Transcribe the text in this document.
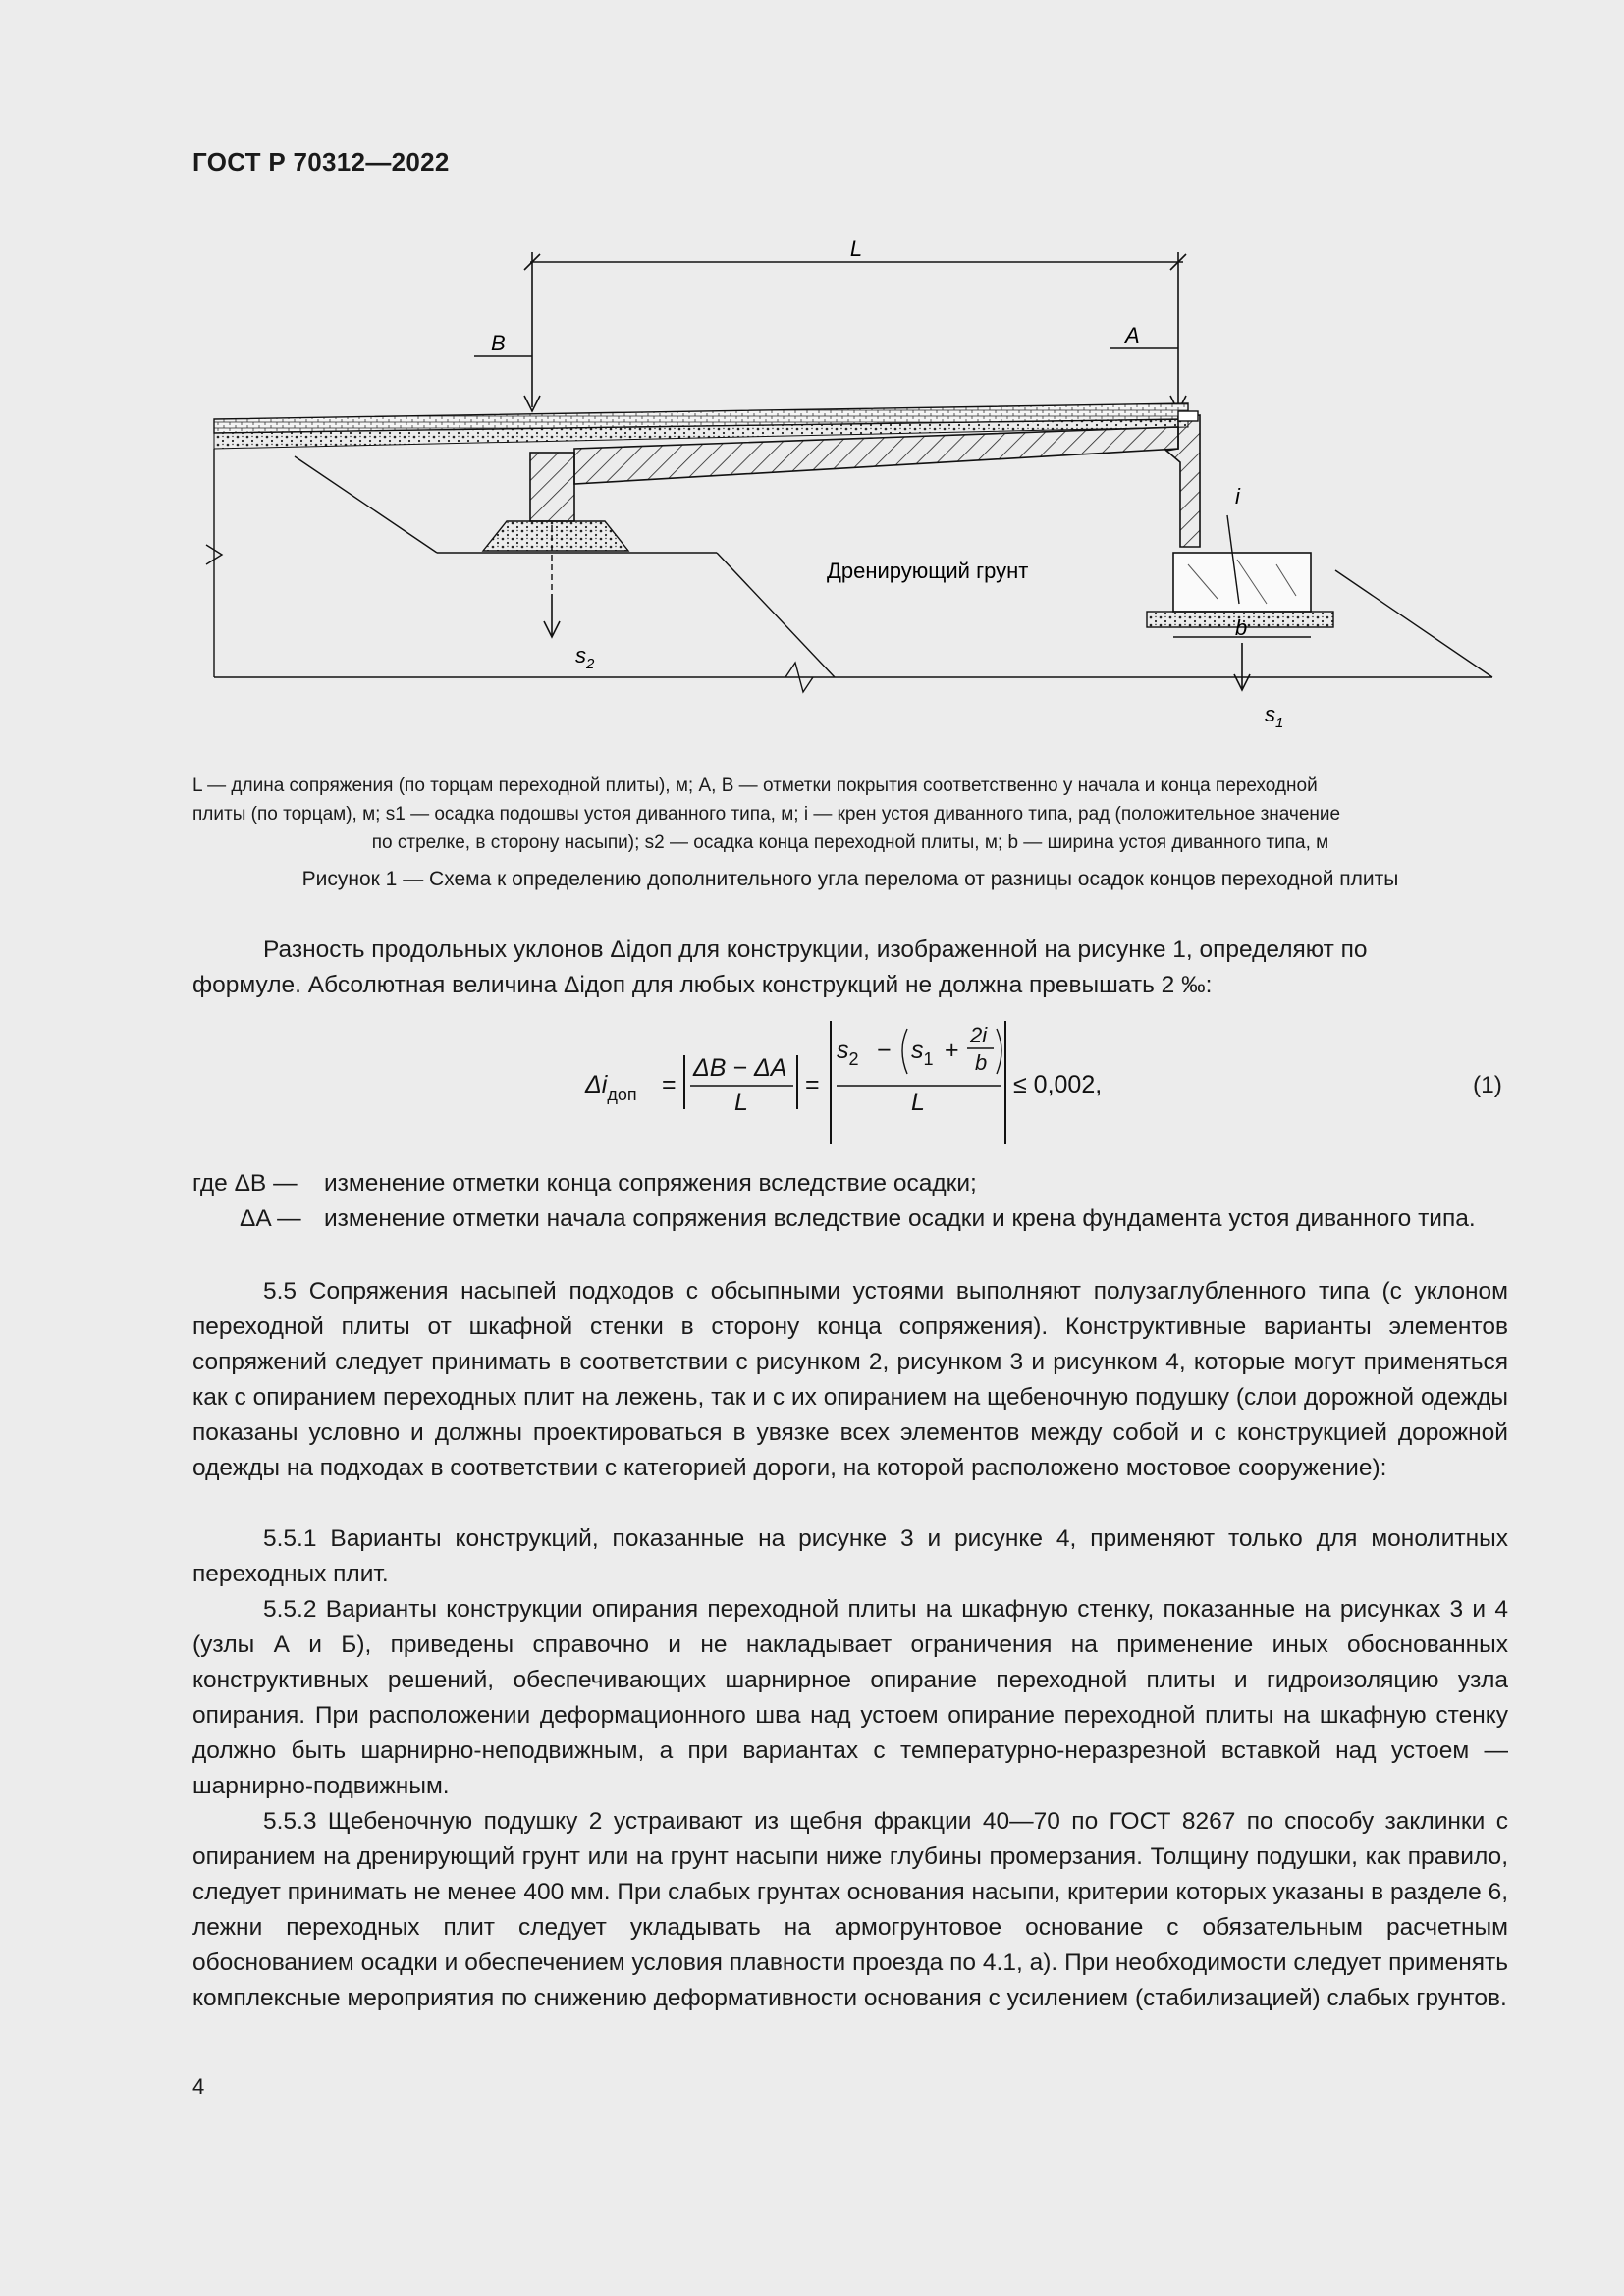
ГОСТ Р 70312—2022
L
B	A
$s_2$
i
b
$s_1$
Дренирующий грунт
L — длина сопряжения (по торцам переходной плиты), м; A, B — отметки покрытия соответственно у начала и конца переходной
плиты (по торцам), м; s1 — осадка подошвы устоя диванного типа, м; i — крен устоя диванного типа, рад (положительное значение
по стрелке, в сторону насыпи); s2 — осадка конца переходной плиты, м; b — ширина устоя диванного типа, м
Рисунок 1 — Схема к определению дополнительного угла перелома от разницы осадок концов переходной плиты
Разность продольных уклонов Δiдоп для конструкции, изображенной на рисунке 1, определяют по
формуле. Абсолютная величина Δiдоп для любых конструкций не должна превышать 2 ‰:
$\Delta i_{доп}$ =
ΔB − ΔA
L
=
$s_2 - s_1$ +
2i
b
L
≤ 0,002,	(1)
где ΔB — изменение отметки конца сопряжения вследствие осадки;
ΔA — изменение отметки начала сопряжения вследствие осадки и крена фундамента устоя диванного типа.
5.5 Сопряжения насыпей подходов с обсыпными устоями выполняют полузаглубленного типа (с уклоном переходной плиты от шкафной стенки в сторону конца сопряжения). Конструктивные варианты элементов сопряжений следует принимать в соответствии с рисунком 2, рисунком 3 и рисунком 4, которые могут применяться как с опиранием переходных плит на лежень, так и с их опиранием на щебеночную подушку (слои дорожной одежды показаны условно и должны проектироваться в увязке всех элементов между собой и с конструкцией дорожной одежды на подходах в соответствии с категорией дороги, на которой расположено мостовое сооружение):
5.5.1 Варианты конструкций, показанные на рисунке 3 и рисунке 4, применяют только для монолитных переходных плит.
5.5.2 Варианты конструкции опирания переходной плиты на шкафную стенку, показанные на рисунках 3 и 4 (узлы А и Б), приведены справочно и не накладывает ограничения на применение иных обоснованных конструктивных решений, обеспечивающих шарнирное опирание переходной плиты и гидроизоляцию узла опирания. При расположении деформационного шва над устоем опирание переходной плиты на шкафную стенку должно быть шарнирно-неподвижным, а при вариантах с температурно-неразрезной вставкой над устоем — шарнирно-подвижным.
5.5.3 Щебеночную подушку 2 устраивают из щебня фракции 40—70 по ГОСТ 8267 по способу заклинки с опиранием на дренирующий грунт или на грунт насыпи ниже глубины промерзания. Толщину подушки, как правило, следует принимать не менее 400 мм. При слабых грунтах основания насыпи, критерии которых указаны в разделе 6, лежни переходных плит следует укладывать на армогрунтовое основание с обязательным расчетным обоснованием осадки и обеспечением условия плавности проезда по 4.1, а). При необходимости следует применять комплексные мероприятия по снижению деформативности основания с усилением (стабилизацией) слабых грунтов.
4
